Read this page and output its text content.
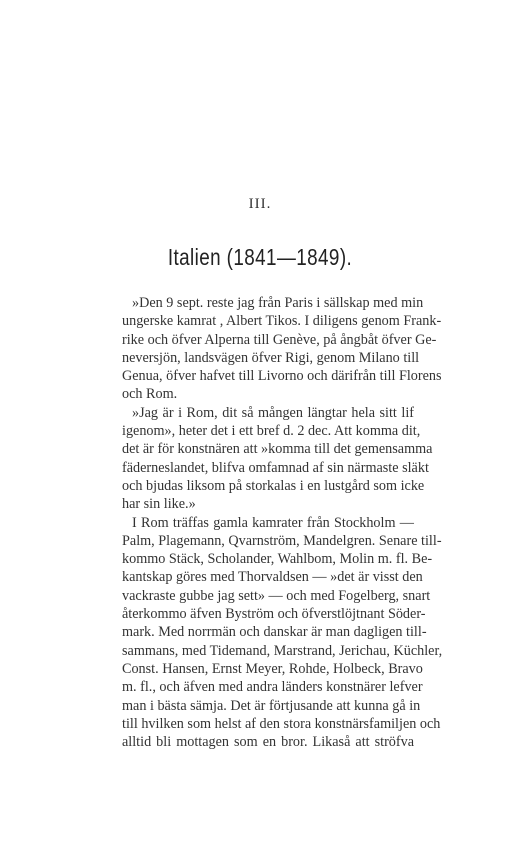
III.
Italien (1841—1849).
»Den 9 sept. reste jag från Paris i sällskap med min
ungerske kamrat , Albert Tikos. I diligens genom Frank-
rike och öfver Alperna till Genève, på ångbåt öfver Ge-
neversjön, landsvägen öfver Rigi, genom Milano till
Genua, öfver hafvet till Livorno och därifrån till Florens
och Rom.
»Jag är i Rom, dit så mången längtar hela sitt lif
igenom», heter det i ett bref d. 2 dec. Att komma dit,
det är för konstnären att »komma till det gemensamma
fäderneslandet, blifva omfamnad af sin närmaste släkt
och bjudas liksom på storkalas i en lustgård som icke
har sin like.»
I Rom träffas gamla kamrater från Stockholm —
Palm, Plagemann, Qvarnström, Mandelgren. Senare till-
kommo Stäck, Scholander, Wahlbom, Molin m. fl. Be-
kantskap göres med Thorvaldsen — »det är visst den
vackraste gubbe jag sett» — och med Fogelberg, snart
återkommo äfven Byström och öfverstlöjtnant Söder-
mark. Med norrmän och danskar är man dagligen till-
sammans, med Tidemand, Marstrand, Jerichau, Küchler,
Const. Hansen, Ernst Meyer, Rohde, Holbeck, Bravo
m. fl., och äfven med andra länders konstnärer lefver
man i bästa sämja. Det är förtjusande att kunna gå in
till hvilken som helst af den stora konstnärsfamiljen och
alltid bli mottagen som en bror. Likaså att ströfva
